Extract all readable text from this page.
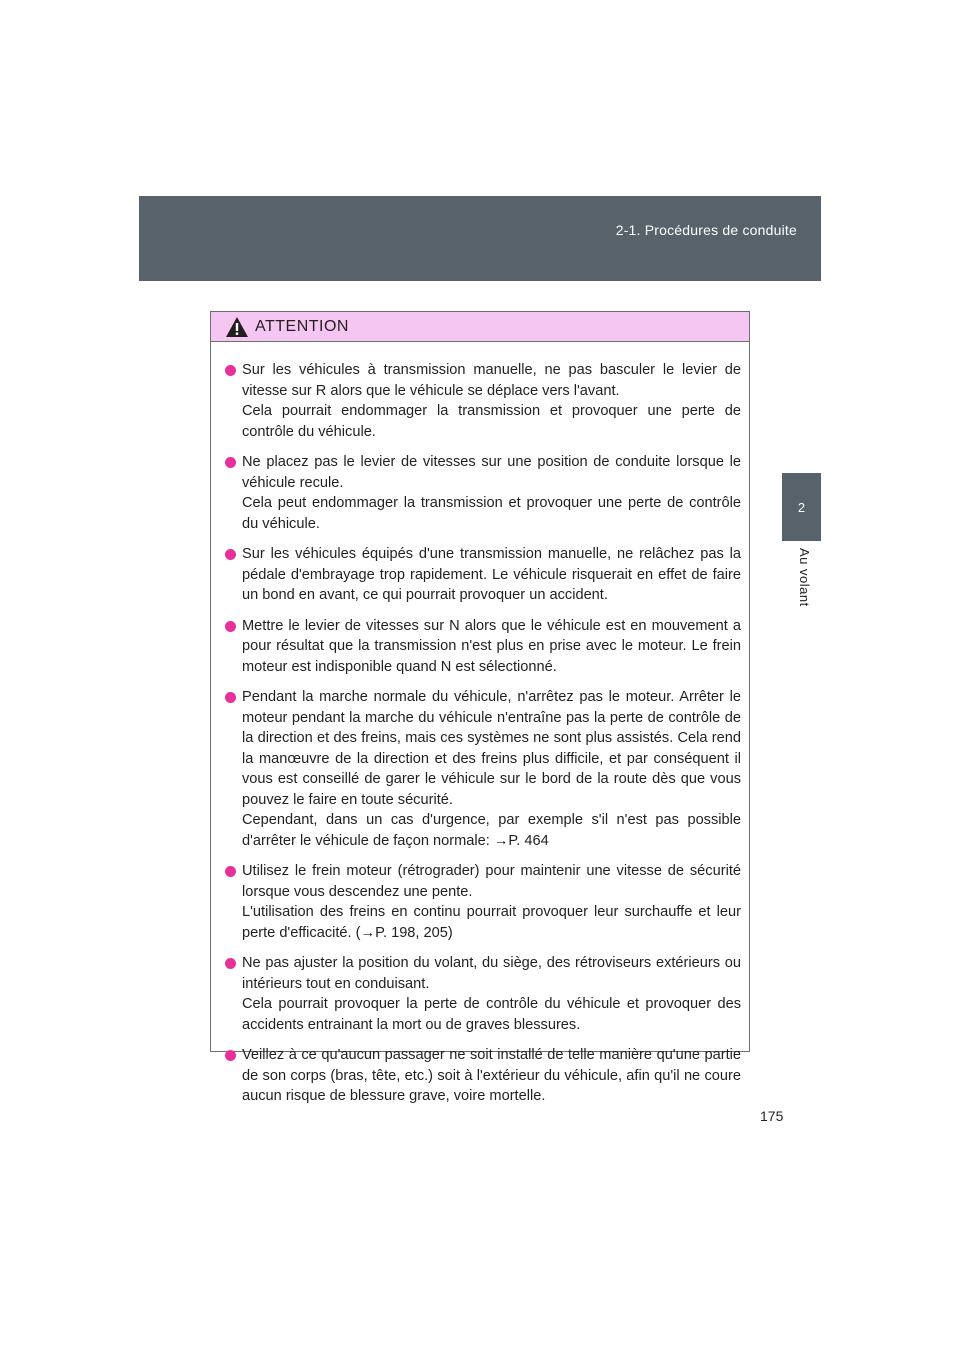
2-1. Procédures de conduite
2
Au volant
ATTENTION

Sur les véhicules à transmission manuelle, ne pas basculer le levier de vitesse sur R alors que le véhicule se déplace vers l'avant.

Cela pourrait endommager la transmission et provoquer une perte de contrôle du véhicule.

Ne placez pas le levier de vitesses sur une position de conduite lorsque le véhicule recule.

Cela peut endommager la transmission et provoquer une perte de contrôle du véhicule.

Sur les véhicules équipés d'une transmission manuelle, ne relâchez pas la pédale d'embrayage trop rapidement. Le véhicule risquerait en effet de faire un bond en avant, ce qui pourrait provoquer un accident.

Mettre le levier de vitesses sur N alors que le véhicule est en mouvement a pour résultat que la transmission n'est plus en prise avec le moteur. Le frein moteur est indisponible quand N est sélectionné.

Pendant la marche normale du véhicule, n'arrêtez pas le moteur. Arrêter le moteur pendant la marche du véhicule n'entraîne pas la perte de contrôle de la direction et des freins, mais ces systèmes ne sont plus assistés. Cela rend la manœuvre de la direction et des freins plus difficile, et par conséquent il vous est conseillé de garer le véhicule sur le bord de la route dès que vous pouvez le faire en toute sécurité.

Cependant, dans un cas d'urgence, par exemple s'il n'est pas possible d'arrêter le véhicule de façon normale: →P. 464

Utilisez le frein moteur (rétrograder) pour maintenir une vitesse de sécurité lorsque vous descendez une pente.

L'utilisation des freins en continu pourrait provoquer leur surchauffe et leur perte d'efficacité. (→P. 198, 205)

Ne pas ajuster la position du volant, du siège, des rétroviseurs extérieurs ou intérieurs tout en conduisant.

Cela pourrait provoquer la perte de contrôle du véhicule et provoquer des accidents entrainant la mort ou de graves blessures.

Veillez à ce qu'aucun passager ne soit installé de telle manière qu'une partie de son corps (bras, tête, etc.) soit à l'extérieur du véhicule, afin qu'il ne coure aucun risque de blessure grave, voire mortelle.

175
